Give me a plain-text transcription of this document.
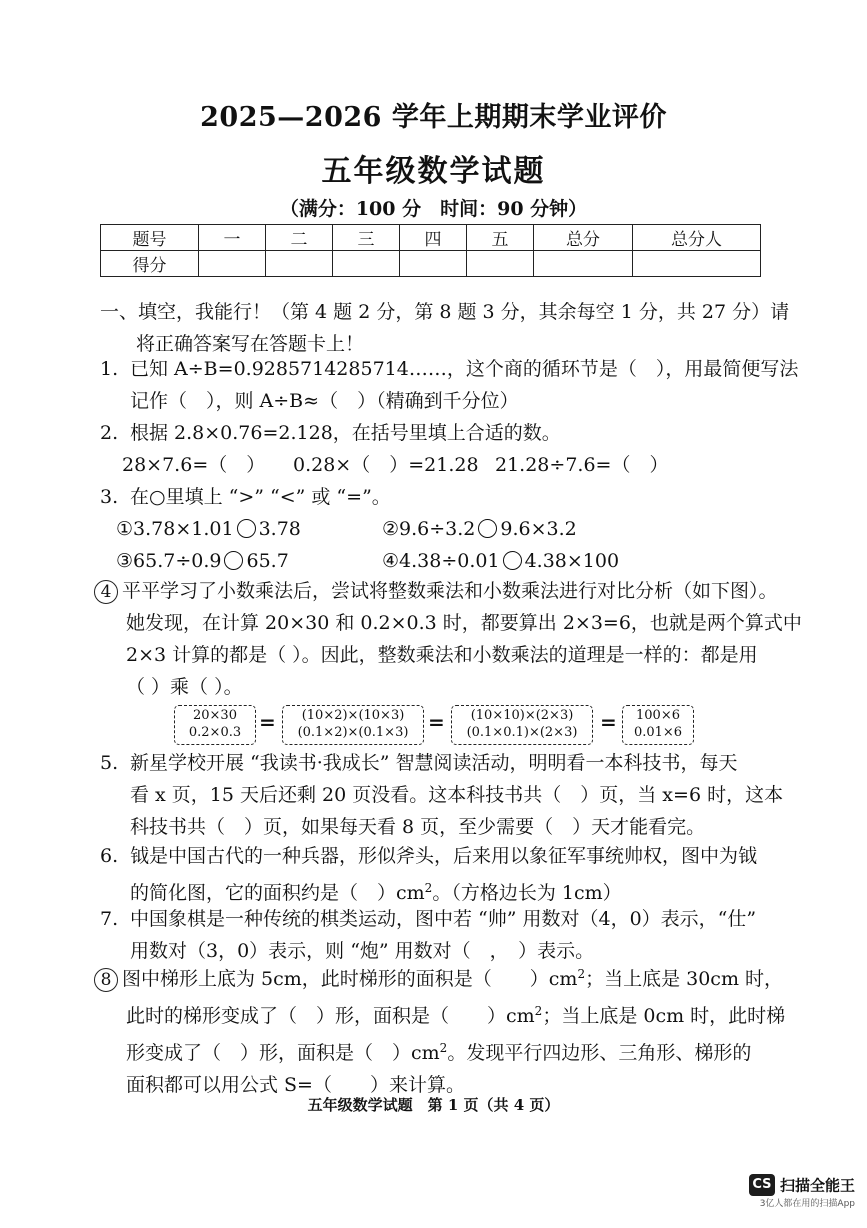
2025—2026 学年上期期末学业评价
五年级数学试题
（满分：100 分　时间：90 分钟）
题号	一	二	三	四	五	总分	总分人
得分							
一、填空，我能行！（第 4 题 2 分，第 8 题 3 分，其余每空 1 分，共 27 分）请
将正确答案写在答题卡上！
1. 已知 A÷B=0.9285714285714……，这个商的循环节是（　），用最简便写法
记作（　），则 A÷B≈（　）（精确到千分位）
2. 根据 2.8×0.76=2.128，在括号里填上合适的数。
28×7.6=（　） 0.28×（　）=21.28 21.28÷7.6=（　）
3. 在○里填上 “>” “<” 或 “=”。
①3.78×1.01 3.78	②9.6÷3.2 9.6×3.2
③65.7÷0.9 65.7	④4.38÷0.01 4.38×100
4 平平学习了小数乘法后，尝试将整数乘法和小数乘法进行对比分析（如下图）。
她发现，在计算 20×30 和 0.2×0.3 时，都要算出 2×3=6，也就是两个算式中
2×3 计算的都是（ ）。因此，整数乘法和小数乘法的道理是一样的：都是用
（ ）乘（ ）。
20×30
0.2×0.3 =	(10×2)×(10×3)
(0.1×2)×(0.1×3) =	(10×10)×(2×3)
(0.1×0.1)×(2×3)	=	100×6
0.01×6
5. 新星学校开展 “我读书·我成长” 智慧阅读活动，明明看一本科技书，每天
看 x 页，15 天后还剩 20 页没看。这本科技书共（　）页，当 x=6 时，这本
科技书共（　）页，如果每天看 8 页，至少需要（　）天才能看完。
6. 钺是中国古代的一种兵器，形似斧头，后来用以象征军事统帅权，图中为钺
的简化图，它的面积约是（　）$cm^2$。（方格边长为 1cm）
7. 中国象棋是一种传统的棋类运动，图中若 “帅” 用数对（4，0）表示，“仕”
用数对（3，0）表示，则 “炮” 用数对（　，　）表示。
8 图中梯形上底为 5cm，此时梯形的面积是（　　）$cm^2$；当上底是 30cm 时，
此时的梯形变成了（　）形，面积是（　　）$cm^2$；当上底是 0cm 时，此时梯
形变成了（　）形，面积是（　）$cm^2$。发现平行四边形、三角形、梯形的
面积都可以用公式 S=（　　）来计算。
五年级数学试题　第 1 页（共 4 页）
CS 扫描全能王
3亿人都在用的扫描App
